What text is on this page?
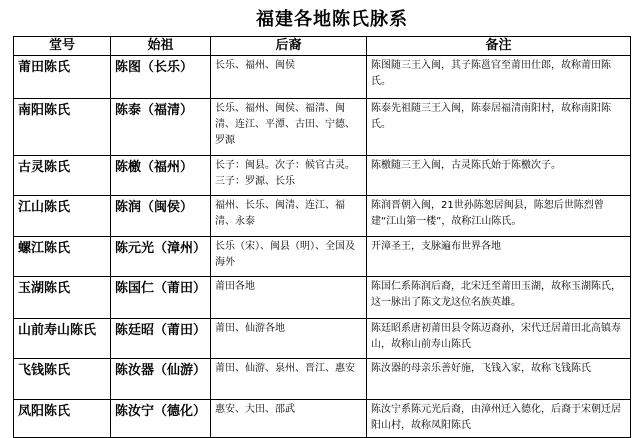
福建各地陈氏脉系
堂号	始祖	后裔	备注
莆田陈氏	陈图（长乐）	长乐、福州、闽侯	陈图随三王入闽，其子陈邕官至莆田仕郎，故称莆田陈氏。
南阳陈氏	陈泰（福清）	长乐、福州、闽侯、福清、闽清、连江、平潭、古田、宁德、罗源	陈泰先祖随三王入闽，陈泰居福清南阳村，故称南阳陈氏。
古灵陈氏	陈檄（福州）	长子：闽县。次子：候官古灵。三子：罗源、长乐	陈檄随三王入闽，古灵陈氏始于陈檄次子。
江山陈氏	陈润（闽侯）	福州、长乐、闽清、连江、福清、永泰	陈润晋朝入闽，21世孙陈恕居闽县，陈恕后世陈烈曾建“江山第一楼”，故称江山陈氏。
螺江陈氏	陈元光（漳州）	长乐（宋）、闽县（明）、全国及海外	开漳圣王，支脉遍布世界各地
玉湖陈氏	陈国仁（莆田）	莆田各地	陈国仁系陈润后裔，北宋迁至莆田玉湖，故称玉湖陈氏，这一脉出了陈文龙这位名族英雄。
山前寿山陈氏	陈廷昭（莆田）	莆田、仙游各地	陈廷昭系唐初莆田县令陈迈裔孙，宋代迁居莆田北高镇寿山，故称山前寿山陈氏
飞钱陈氏	陈汝器（仙游）	莆田、仙游、泉州、晋江、惠安	陈汝器的母亲乐善好施，飞钱入家，故称飞钱陈氏
凤阳陈氏	陈汝宁（德化）	惠安、大田、邵武	陈汝宁系陈元光后裔，由漳州迁入德化，后裔于宋朝迁居阳山村，故称凤阳陈氏
